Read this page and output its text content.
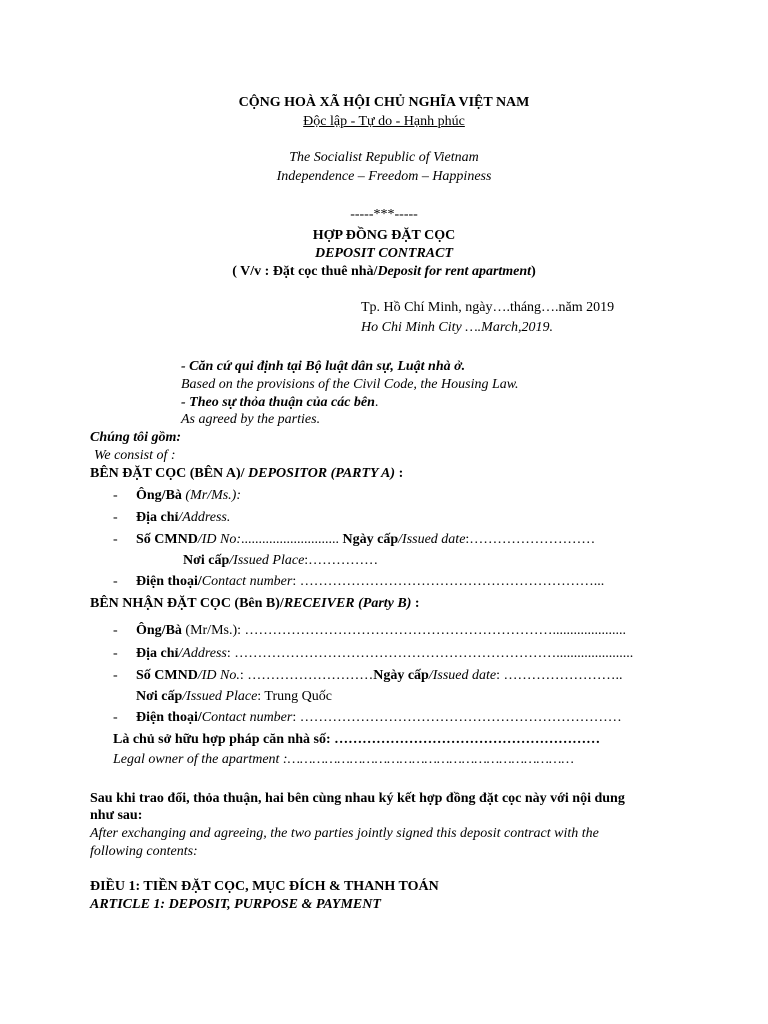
CỘNG HOÀ XÃ HỘI CHỦ NGHĨA VIỆT NAM
Độc lập - Tự do - Hạnh phúc
The Socialist Republic of Vietnam
Independence – Freedom – Happiness
-----***-----
HỢP ĐỒNG ĐẶT CỌC
DEPOSIT CONTRACT
( V/v : Đặt cọc thuê nhà/Deposit for rent apartment)
Tp. Hồ Chí Minh, ngày….tháng….năm 2019
Ho Chi Minh City ….March,2019.
- Căn cứ qui định tại Bộ luật dân sự, Luật nhà ở.
Based on the provisions of the Civil Code, the Housing Law.
- Theo sự thỏa thuận của các bên.
As agreed by the parties.
Chúng tôi gồm:
We consist of :
BÊN ĐẶT CỌC (BÊN A)/ DEPOSITOR (PARTY A) :
- Ông/Bà (Mr/Ms.):
- Địa chỉ/Address.
- Số CMND/ID No:............................ Ngày cấp/Issued date:………………………
Nơi cấp/Issued Place:……………
- Điện thoại/Contact number: ………………………………………………………...
BÊN NHẬN ĐẶT CỌC (Bên B)/RECEIVER (Party B) :
- Ông/Bà (Mr/Ms.): ………………………………………………………….....................
- Địa chỉ/Address: ……………………………………………………………......................
- Số CMND/ID No.: ………………………Ngày cấp/Issued date: ……………………..
Nơi cấp/Issued Place: Trung Quốc
- Điện thoại/Contact number: ……………………………………………………………
Là chủ sở hữu hợp pháp căn nhà số: …………………………………………………
Legal owner of the apartment :……………………………………………………………
Sau khi trao đổi, thỏa thuận, hai bên cùng nhau ký kết hợp đồng đặt cọc này với nội dung
như sau:
After exchanging and agreeing, the two parties jointly signed this deposit contract with the
following contents:
ĐIỀU 1: TIỀN ĐẶT CỌC, MỤC ĐÍCH & THANH TOÁN
ARTICLE 1: DEPOSIT, PURPOSE & PAYMENT
